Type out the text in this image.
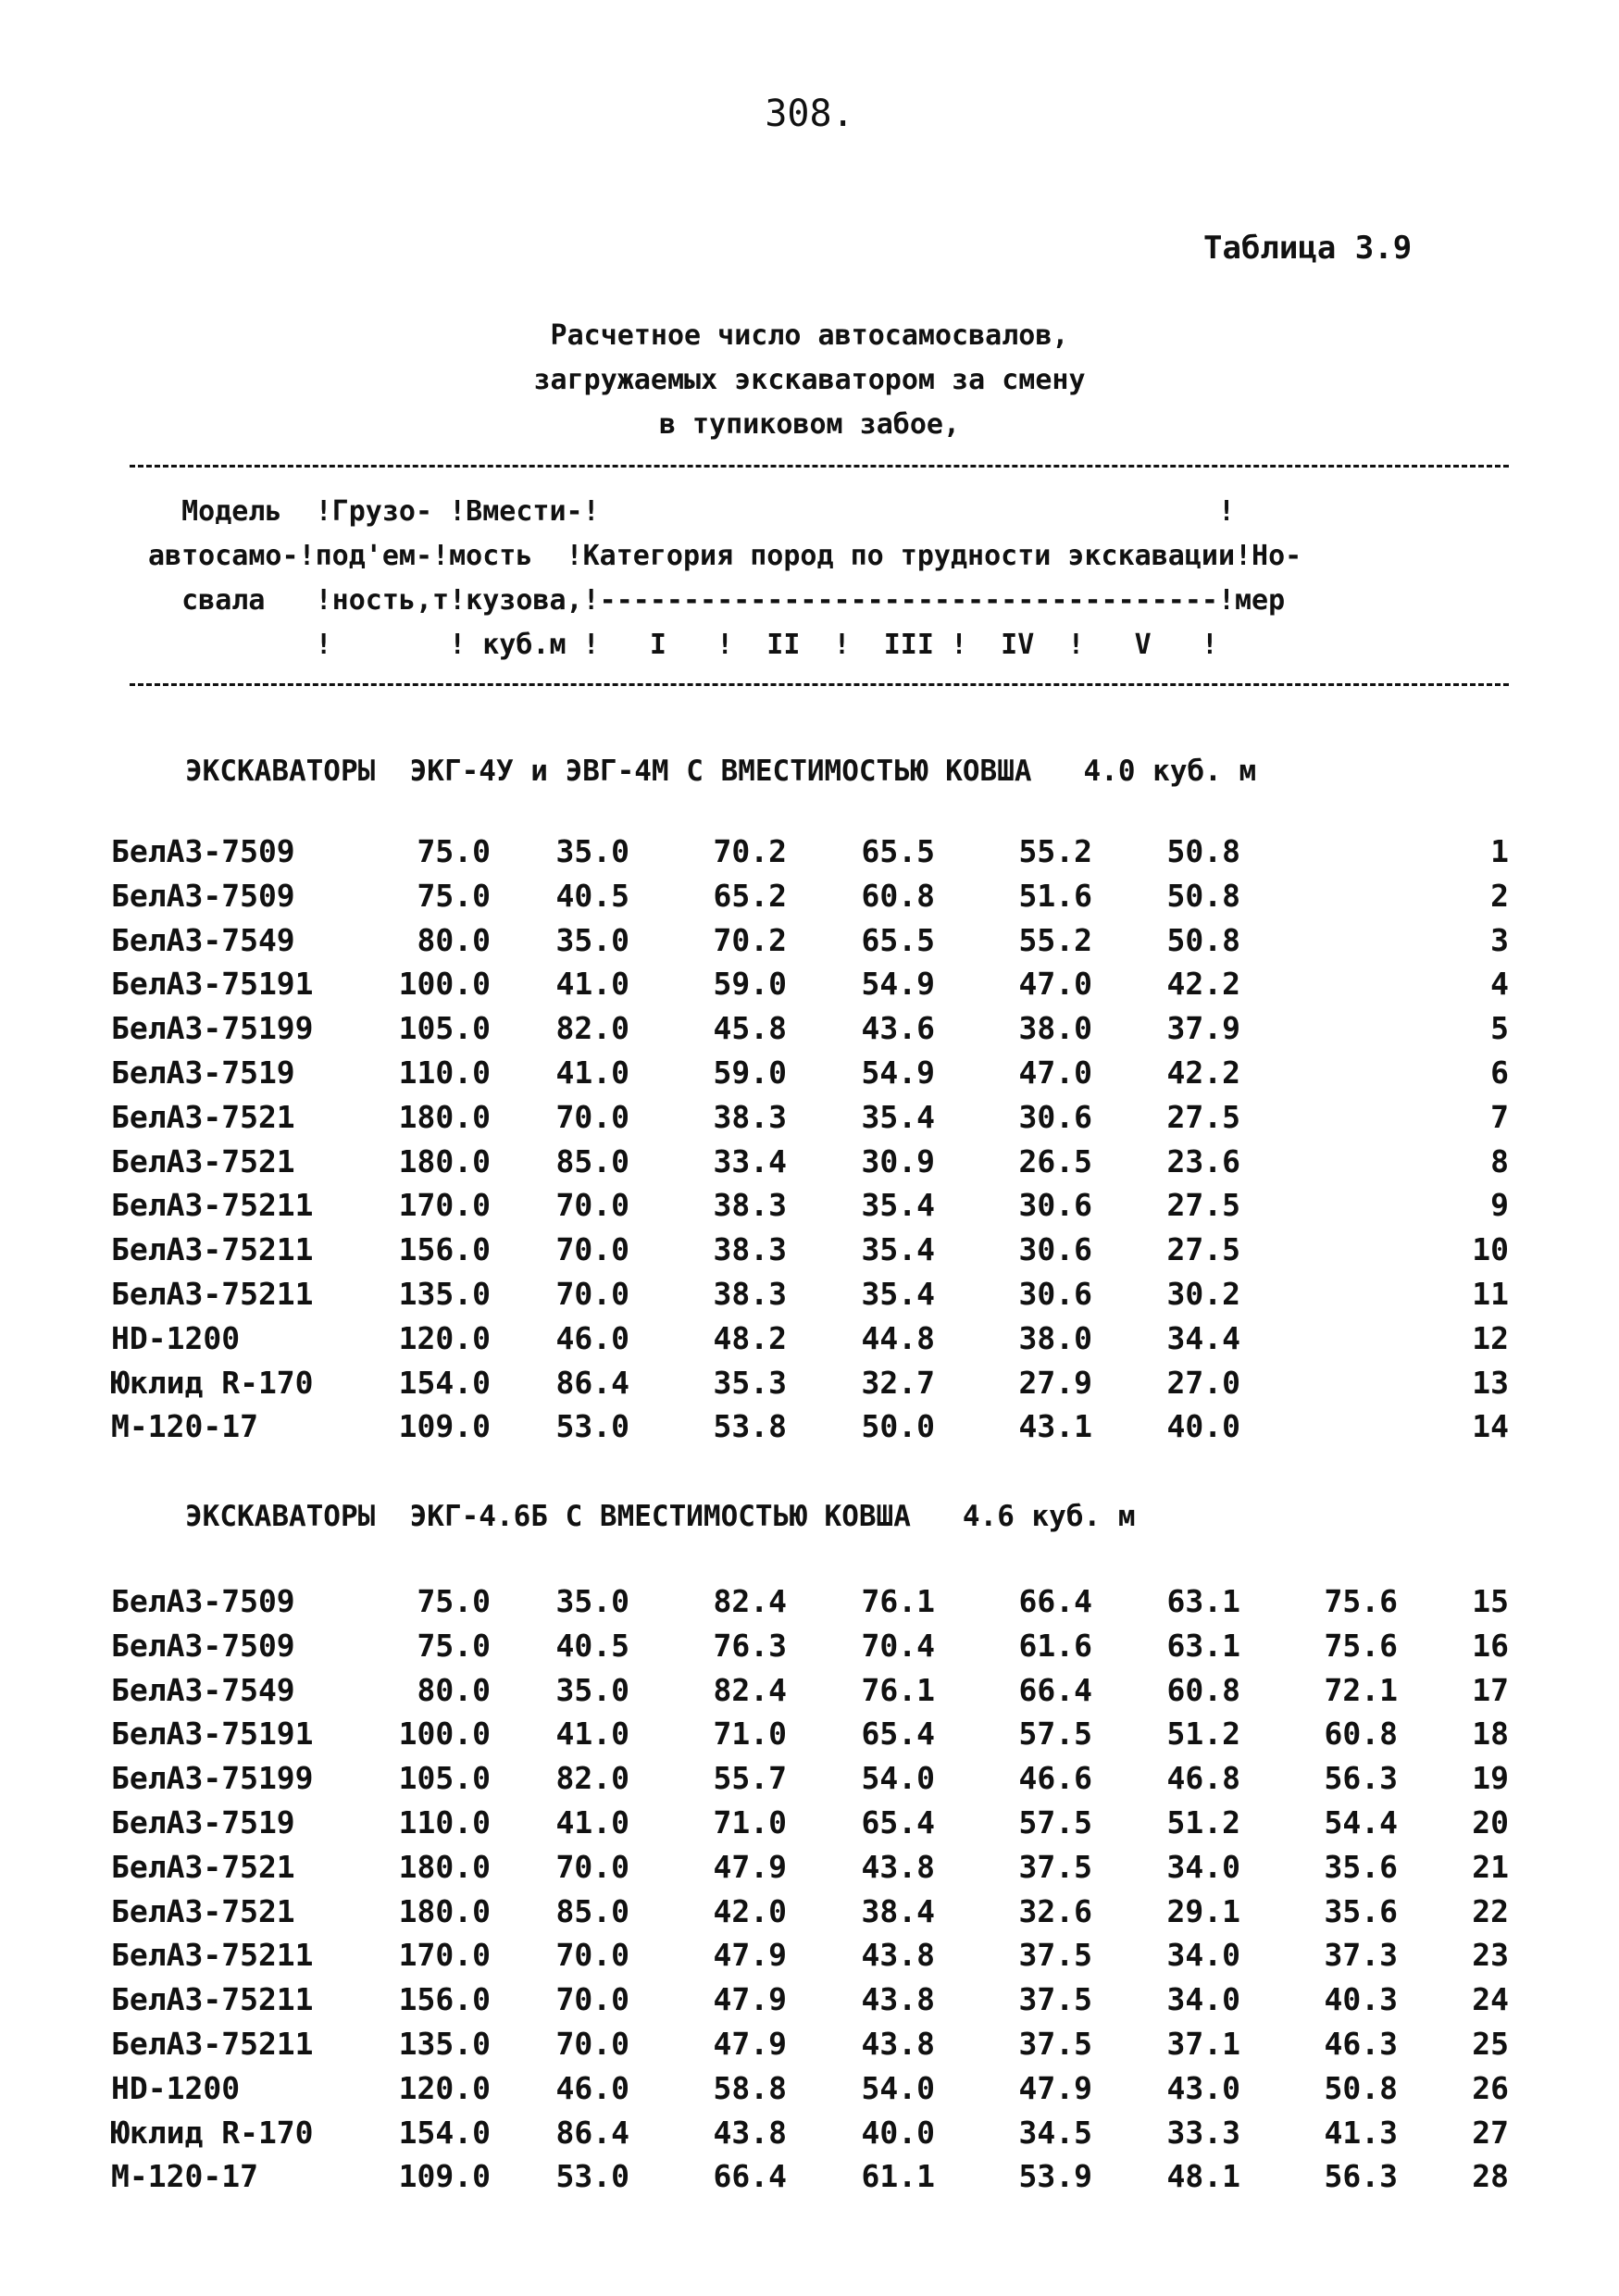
308.
Таблица 3.9
Расчетное число автосамосвалов,
загружаемых экскаватором за смену
в тупиковом забое,
Модель  !Грузо- !Вмести-!                                     !
автосамо-!под'ем-!мость  !Категория пород по трудности экскавации!Но-
свала   !ность,т!кузова,!-------------------------------------!мер
!       ! куб.м !   I   !  II  !  III !  IV  !   V   !
ЭКСКАВАТОРЫ  ЭКГ-4У и ЭВГ-4М С ВМЕСТИМОСТЬЮ КОВША   4.0 куб. м
БелАЗ-7509	75.0	35.0	70.2	65.5	55.2	50.8	1
БелАЗ-7509	75.0	40.5	65.2	60.8	51.6	50.8	2
БелАЗ-7549	80.0	35.0	70.2	65.5	55.2	50.8	3
БелАЗ-75191	100.0	41.0	59.0	54.9	47.0	42.2	4
БелАЗ-75199	105.0	82.0	45.8	43.6	38.0	37.9	5
БелАЗ-7519	110.0	41.0	59.0	54.9	47.0	42.2	6
БелАЗ-7521	180.0	70.0	38.3	35.4	30.6	27.5	7
БелАЗ-7521	180.0	85.0	33.4	30.9	26.5	23.6	8
БелАЗ-75211	170.0	70.0	38.3	35.4	30.6	27.5	9
БелАЗ-75211	156.0	70.0	38.3	35.4	30.6	27.5	10
БелАЗ-75211	135.0	70.0	38.3	35.4	30.6	30.2	11
HD-1200	120.0	46.0	48.2	44.8	38.0	34.4	12
Юклид R-170	154.0	86.4	35.3	32.7	27.9	27.0	13
М-120-17	109.0	53.0	53.8	50.0	43.1	40.0	14
ЭКСКАВАТОРЫ  ЭКГ-4.6Б С ВМЕСТИМОСТЬЮ КОВША   4.6 куб. м
БелАЗ-7509	75.0	35.0	82.4	76.1	66.4	63.1	75.6	15
БелАЗ-7509	75.0	40.5	76.3	70.4	61.6	63.1	75.6	16
БелАЗ-7549	80.0	35.0	82.4	76.1	66.4	60.8	72.1	17
БелАЗ-75191	100.0	41.0	71.0	65.4	57.5	51.2	60.8	18
БелАЗ-75199	105.0	82.0	55.7	54.0	46.6	46.8	56.3	19
БелАЗ-7519	110.0	41.0	71.0	65.4	57.5	51.2	54.4	20
БелАЗ-7521	180.0	70.0	47.9	43.8	37.5	34.0	35.6	21
БелАЗ-7521	180.0	85.0	42.0	38.4	32.6	29.1	35.6	22
БелАЗ-75211	170.0	70.0	47.9	43.8	37.5	34.0	37.3	23
БелАЗ-75211	156.0	70.0	47.9	43.8	37.5	34.0	40.3	24
БелАЗ-75211	135.0	70.0	47.9	43.8	37.5	37.1	46.3	25
HD-1200	120.0	46.0	58.8	54.0	47.9	43.0	50.8	26
Юклид R-170	154.0	86.4	43.8	40.0	34.5	33.3	41.3	27
М-120-17	109.0	53.0	66.4	61.1	53.9	48.1	56.3	28
